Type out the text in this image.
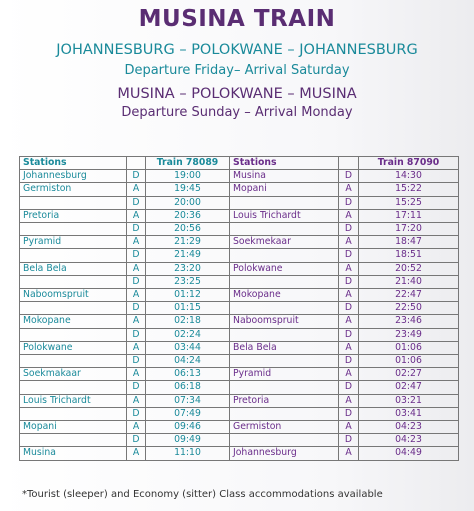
MUSINA TRAIN
JOHANNESBURG – POLOKWANE – JOHANNESBURG
Departure Friday– Arrival Saturday
MUSINA – POLOKWANE – MUSINA
Departure Sunday – Arrival Monday
Stations		Train 78089	Stations		Train 87090
Johannesburg	D	19:00	Musina	D	14:30
Germiston	A	19:45	Mopani	A	15:22
	D	20:00		D	15:25
Pretoria	A	20:36	Louis Trichardt	A	17:11
	D	20:56		D	17:20
Pyramid	A	21:29	Soekmekaar	A	18:47
	D	21:49		D	18:51
Bela Bela	A	23:20	Polokwane	A	20:52
	D	23:25		D	21:40
Naboomspruit	A	01:12	Mokopane	A	22:47
	D	01:15		D	22:50
Mokopane	A	02:18	Naboomspruit	A	23:46
	D	02:24		D	23:49
Polokwane	A	03:44	Bela Bela	A	01:06
	D	04:24		D	01:06
Soekmakaar	A	06:13	Pyramid	A	02:27
	D	06:18		D	02:47
Louis Trichardt	A	07:34	Pretoria	A	03:21
	D	07:49		D	03:41
Mopani	A	09:46	Germiston	A	04:23
	D	09:49		D	04:23
Musina	A	11:10	Johannesburg	A	04:49
*Tourist (sleeper) and Economy (sitter) Class accommodations available
